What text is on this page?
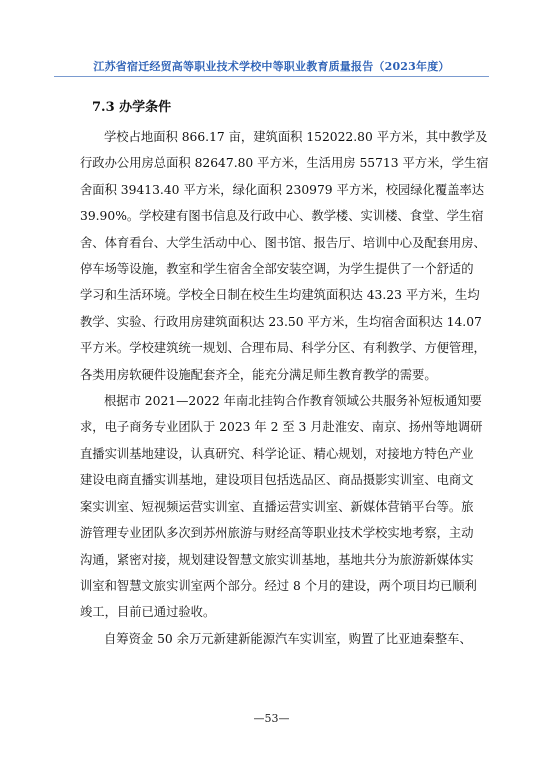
江苏省宿迁经贸高等职业技术学校中等职业教育质量报告（2023年度）
7.3 办学条件

学校占地面积 866.17 亩，建筑面积 152022.80 平方米，其中教学及
行政办公用房总面积 82647.80 平方米，生活用房 55713 平方米，学生宿
舍面积 39413.40 平方米，绿化面积 230979 平方米，校园绿化覆盖率达
39.90%。学校建有图书信息及行政中心、教学楼、实训楼、食堂、学生宿
舍、体育看台、大学生活动中心、图书馆、报告厅、培训中心及配套用房、
停车场等设施，教室和学生宿舍全部安装空调，为学生提供了一个舒适的
学习和生活环境。学校全日制在校生生均建筑面积达 43.23 平方米，生均
教学、实验、行政用房建筑面积达 23.50 平方米，生均宿舍面积达 14.07
平方米。学校建筑统一规划、合理布局、科学分区、有利教学、方便管理，
各类用房软硬件设施配套齐全，能充分满足师生教育教学的需要。

根据市 2021—2022 年南北挂钩合作教育领域公共服务补短板通知要
求，电子商务专业团队于 2023 年 2 至 3 月赴淮安、南京、扬州等地调研
直播实训基地建设，认真研究、科学论证、精心规划，对接地方特色产业
建设电商直播实训基地，建设项目包括选品区、商品摄影实训室、电商文
案实训室、短视频运营实训室、直播运营实训室、新媒体营销平台等。旅
游管理专业团队多次到苏州旅游与财经高等职业技术学校实地考察，主动
沟通，紧密对接，规划建设智慧文旅实训基地，基地共分为旅游新媒体实
训室和智慧文旅实训室两个部分。经过 8 个月的建设，两个项目均已顺利
竣工，目前已通过验收。

自筹资金 50 余万元新建新能源汽车实训室，购置了比亚迪秦整车、

—53—
